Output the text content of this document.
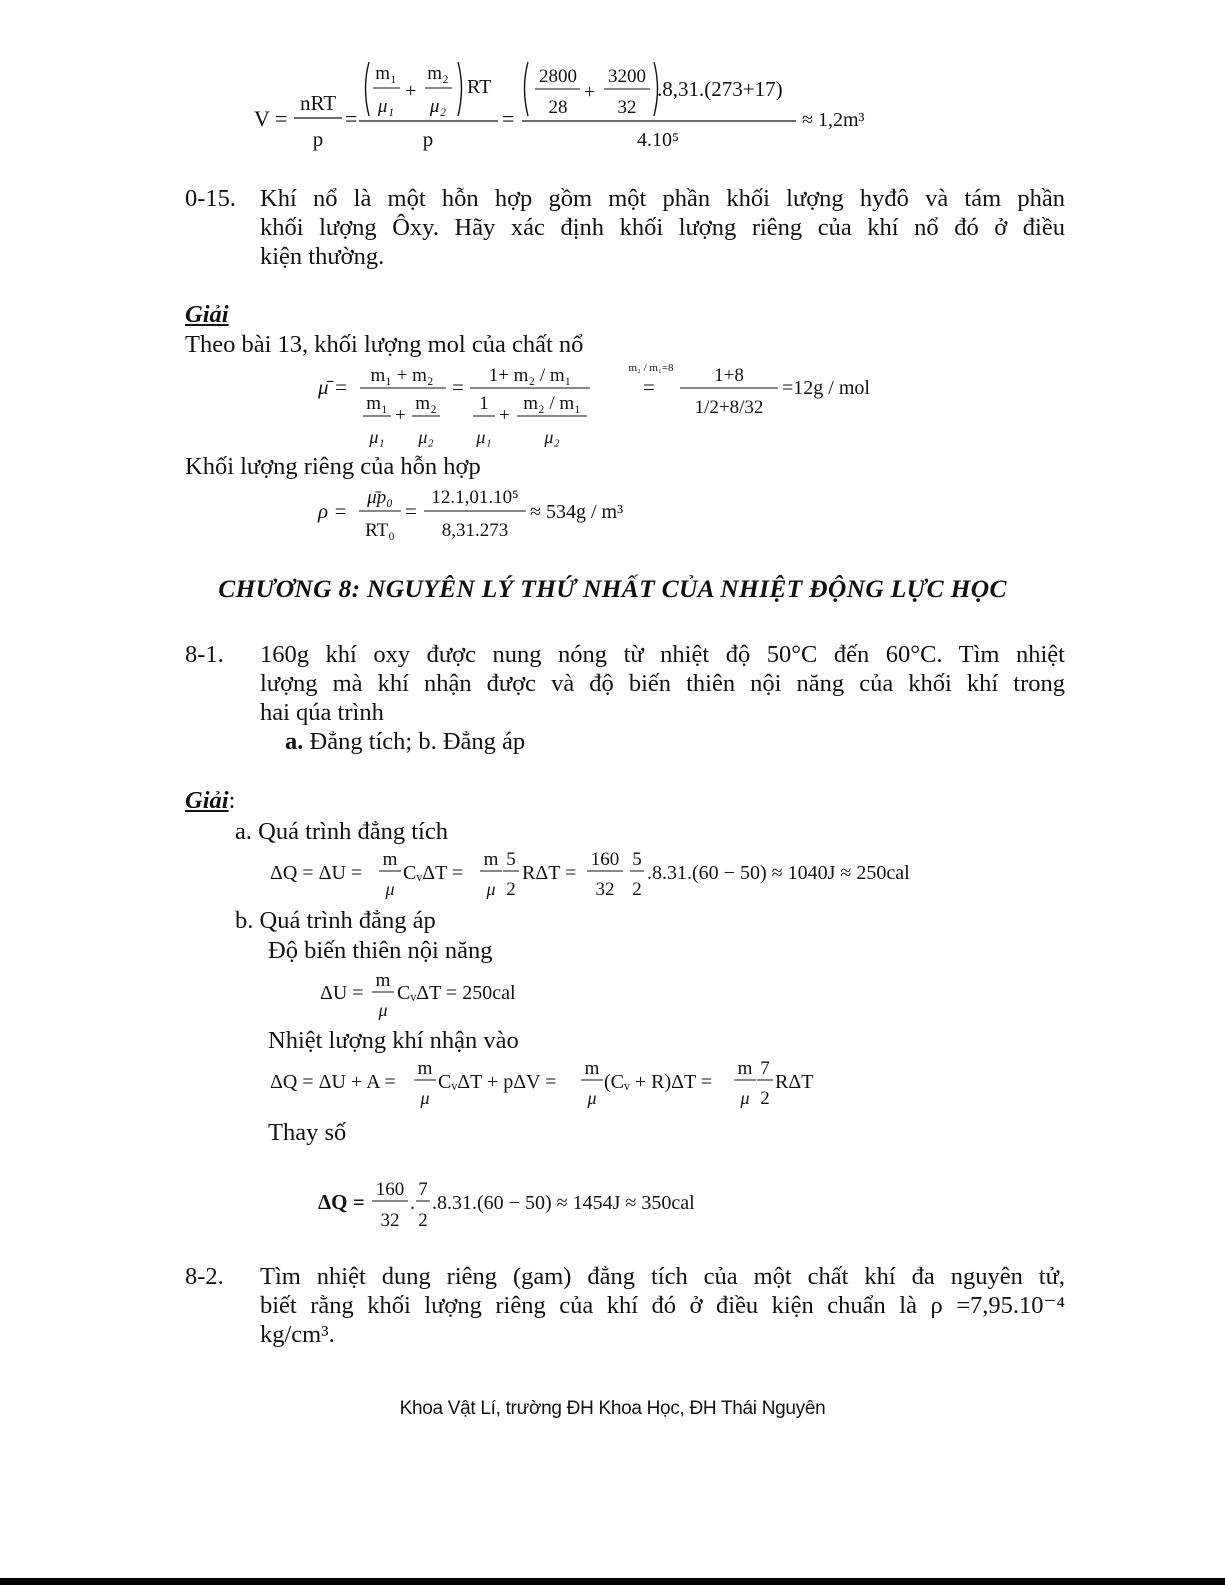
V =
nRT
p
=
m₁
μ₁
+
m₂
μ₂
RT
p
=
2800
28
+
3200
32
.8,31.(273+17)
4.10⁵
≈ 1,2m³
0-15. Khí nổ là một hỗn hợp gồm một phần khối lượng hyđô và tám phần
khối lượng Ôxy. Hãy xác định khối lượng riêng của khí nổ đó ở điều
kiện thường.
Giải
Theo bài 13, khối lượng mol của chất nổ
μ̄ = m₁ + m₂
m₁
μ₁
+
m₂
μ₂
= 1+ m₂ / m₁
1
μ₁
+
m₂ / m₁
μ₂
m₂ / m₁=8
=	1+8
1/2+8/32
=12g / mol
Khối lượng riêng của hỗn hợp
ρ =
μ̄p₀
RT₀
=
12.1,01.10⁵
8,31.273
≈ 534g / m³
CHƯƠNG 8: NGUYÊN LÝ THỨ NHẤT CỦA NHIỆT ĐỘNG LỰC HỌC
8-1. 160g khí oxy được nung nóng từ nhiệt độ 50°C đến 60°C. Tìm nhiệt
lượng mà khí nhận được và độ biến thiên nội năng của khối khí trong
hai qúa trình
a. Đẳng tích; b. Đẳng áp
Giải:
a. Quá trình đẳng tích
ΔQ = ΔU =
m
μ
CᵥΔT =
m
μ
5
2
RΔT =
160
32
5
2
.8.31.(60 − 50) ≈ 1040J ≈ 250cal
b. Quá trình đẳng áp
Độ biến thiên nội năng
ΔU =
m
μ
CᵥΔT = 250cal
Nhiệt lượng khí nhận vào
ΔQ = ΔU + A =
m
μ
CᵥΔT + pΔV =
m
μ
(Cᵥ + R)ΔT =
m
μ
7
2
RΔT
Thay số
ΔQ =
160
32
.
7
2
.8.31.(60 − 50) ≈ 1454J ≈ 350cal
8-2. Tìm nhiệt dung riêng (gam) đẳng tích của một chất khí đa nguyên tử,
biết rằng khối lượng riêng của khí đó ở điều kiện chuẩn là ρ =7,95.10⁻⁴
kg/cm³.
Khoa Vật Lí, trường ĐH Khoa Học, ĐH Thái Nguyên
